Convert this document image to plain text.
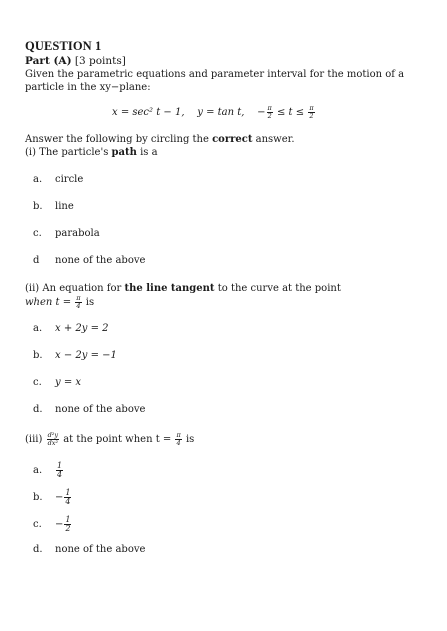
QUESTION 1
Part (A) [3 points]
Given the parametric equations and parameter interval for the motion of a
particle in the xy−plane:
x = sec² t − 1, y = tan t, − $\frac{\pi}{2} \le t \le \frac{\pi}{2}$
Answer the following by circling the correct answer.
(i) The particle's path is a
a. circle
b. line
c. parabola
d none of the above
(ii) An equation for the line tangent to the curve at the point
when $t = \frac{\pi}{4}$ is
a. x + 2y = 2
b. x − 2y = −1
c. y = x
d. none of the above
$(iii) \frac{\text{d²y}}{\text{dx²}}$ at the point when $t = \frac{\pi}{4}$ is
a. $\frac{1}{4}$
b. − $\frac{1}{4}$
c. − $\frac{1}{2}$
d. none of the above
